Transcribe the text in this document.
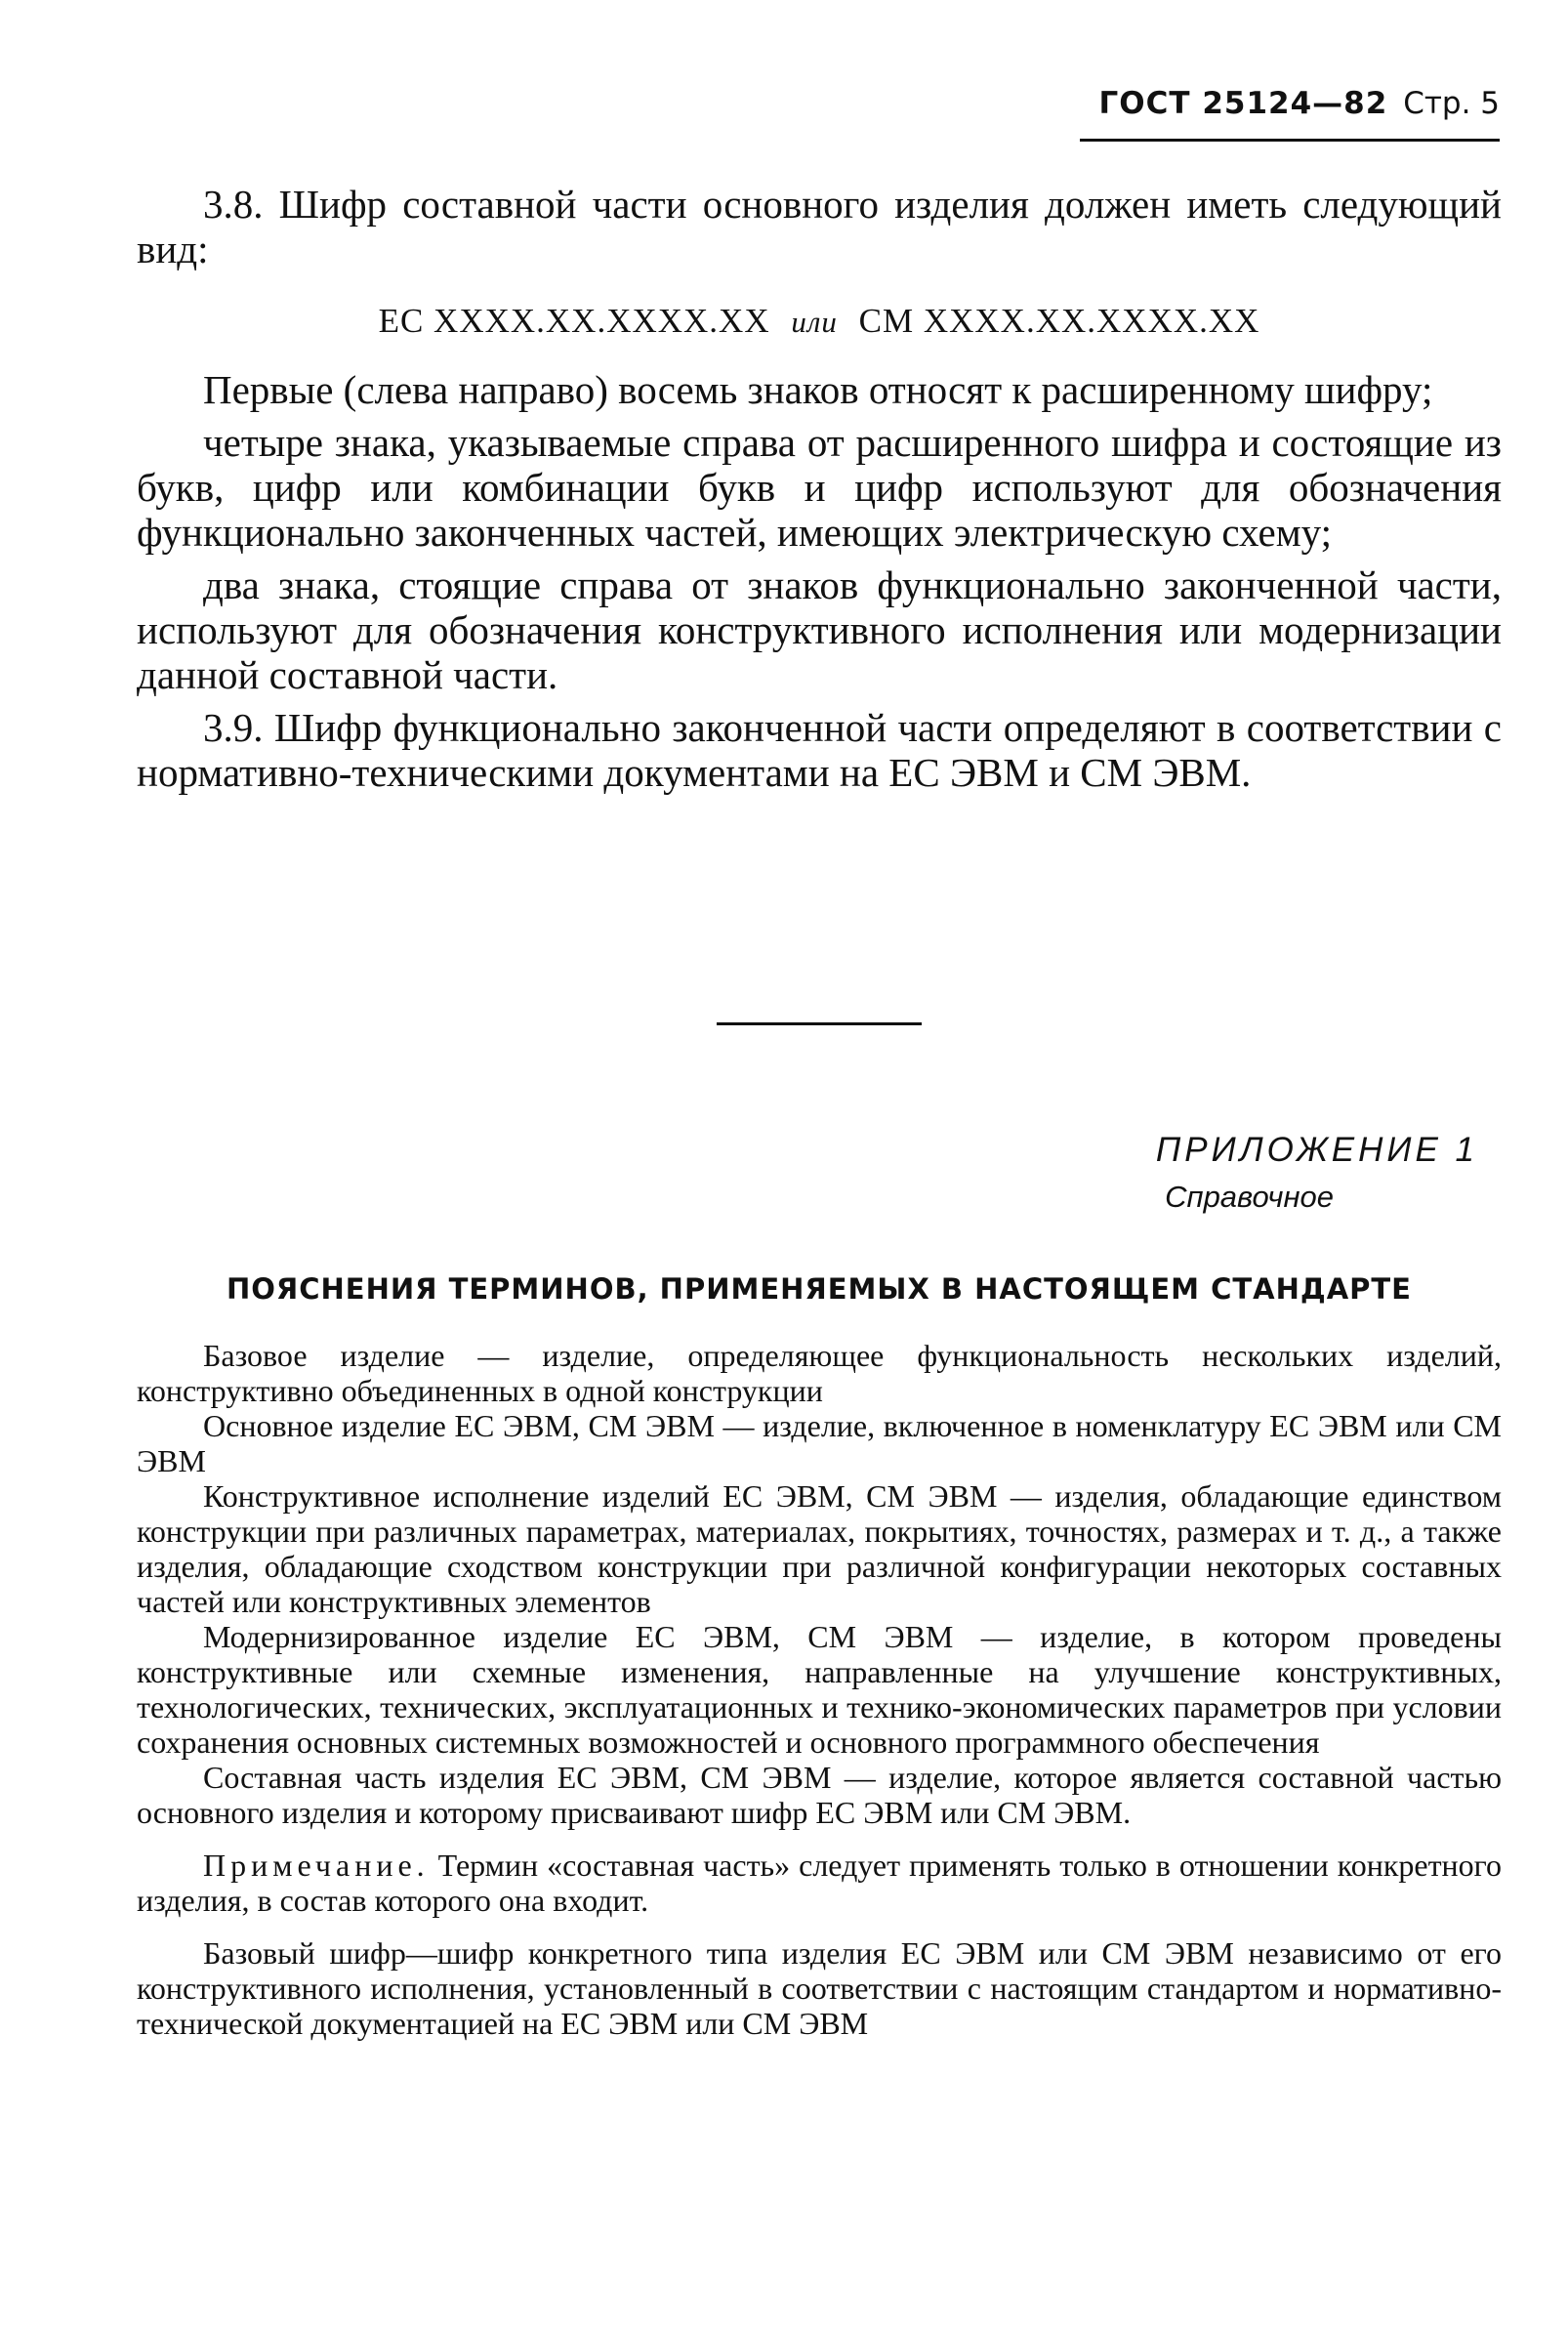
ГОСТ 25124—82 Стр. 5

3.8. Шифр составной части основного изделия должен иметь следующий вид:

ЕС XXXX.XX.XXXX.XX или СМ XXXX.XX.XXXX.XX

Первые (слева направо) восемь знаков относят к расширенному шифру;

четыре знака, указываемые справа от расширенного шифра и состоящие из букв, цифр или комбинации букв и цифр используют для обозначения функционально законченных частей, имеющих электрическую схему;

два знака, стоящие справа от знаков функционально законченной части, используют для обозначения конструктивного исполнения или модернизации данной составной части.

3.9. Шифр функционально законченной части определяют в соответствии с нормативно-техническими документами на ЕС ЭВМ и СМ ЭВМ.

ПРИЛОЖЕНИЕ 1
Справочное
ПОЯСНЕНИЯ ТЕРМИНОВ, ПРИМЕНЯЕМЫХ В НАСТОЯЩЕМ СТАНДАРТЕ

Базовое изделие — изделие, определяющее функциональность нескольких изделий, конструктивно объединенных в одной конструкции

Основное изделие ЕС ЭВМ, СМ ЭВМ — изделие, включенное в номенклатуру ЕС ЭВМ или СМ ЭВМ

Конструктивное исполнение изделий ЕС ЭВМ, СМ ЭВМ — изделия, обладающие единством конструкции при различных параметрах, материалах, покрытиях, точностях, размерах и т. д., а также изделия, обладающие сходством конструкции при различной конфигурации некоторых составных частей или конструктивных элементов

Модернизированное изделие ЕС ЭВМ, СМ ЭВМ — изделие, в котором проведены конструктивные или схемные изменения, направленные на улучшение конструктивных, технологических, технических, эксплуатационных и технико-экономических параметров при условии сохранения основных системных возможностей и основного программного обеспечения

Составная часть изделия ЕС ЭВМ, СМ ЭВМ — изделие, которое является составной частью основного изделия и которому присваивают шифр ЕС ЭВМ или СМ ЭВМ.

Примечание. Термин «составная часть» следует применять только в отношении конкретного изделия, в состав которого она входит.

Базовый шифр—шифр конкретного типа изделия ЕС ЭВМ или СМ ЭВМ независимо от его конструктивного исполнения, установленный в соответствии с настоящим стандартом и нормативно-технической документацией на ЕС ЭВМ или СМ ЭВМ
